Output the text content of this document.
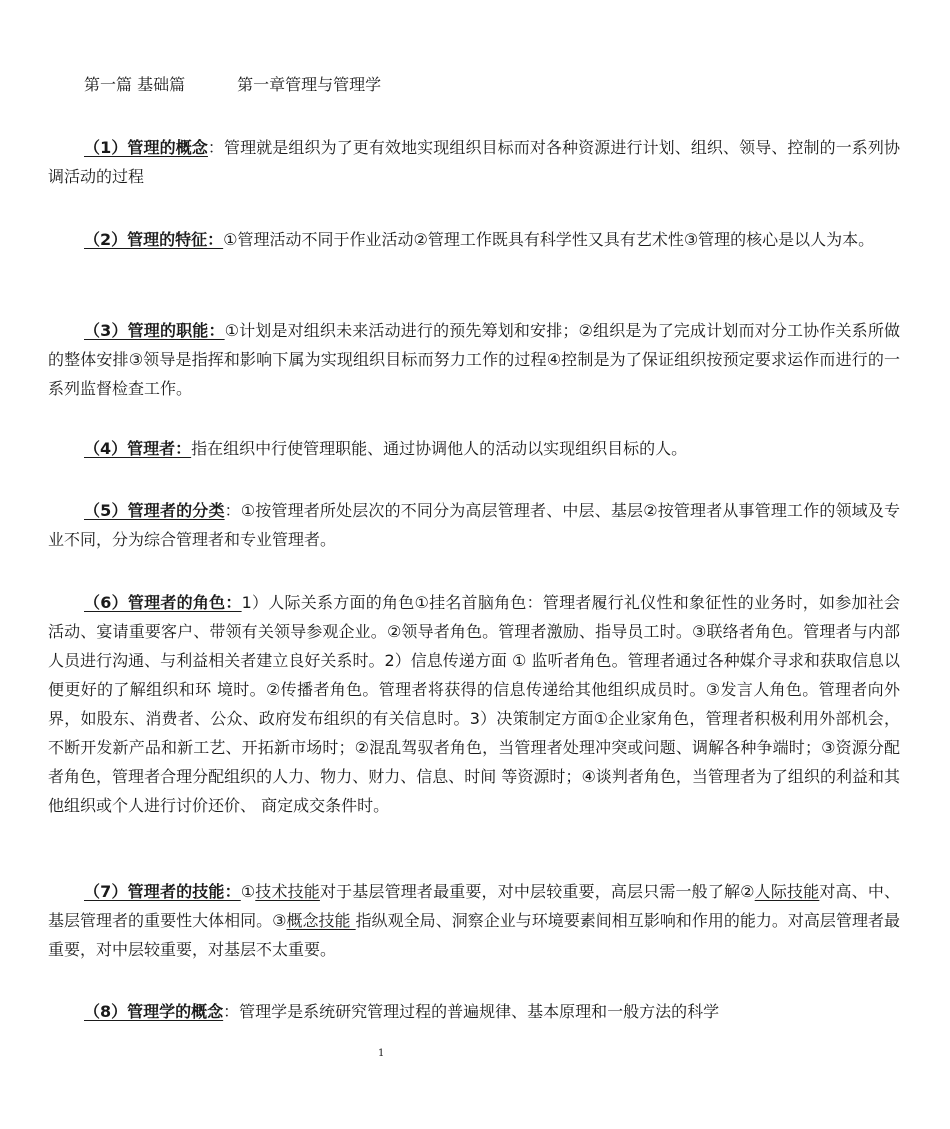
第一篇 基础篇	第一章管理与管理学

（1）管理的概念：管理就是组织为了更有效地实现组织目标而对各种资源进行计划、组织、领导、控制的一系列协调活动的过程

（2）管理的特征：①管理活动不同于作业活动②管理工作既具有科学性又具有艺术性③管理的核心是以人为本。

（3）管理的职能：①计划是对组织未来活动进行的预先筹划和安排；②组织是为了完成计划而对分工协作关系所做的整体安排③领导是指挥和影响下属为实现组织目标而努力工作的过程④控制是为了保证组织按预定要求运作而进行的一系列监督检查工作。

（4）管理者：指在组织中行使管理职能、通过协调他人的活动以实现组织目标的人。

（5）管理者的分类：①按管理者所处层次的不同分为高层管理者、中层、基层②按管理者从事管理工作的领域及专业不同，分为综合管理者和专业管理者。

（6）管理者的角色：1）人际关系方面的角色①挂名首脑角色：管理者履行礼仪性和象征性的业务时，如参加社会活动、宴请重要客户、带领有关领导参观企业。②领导者角色。管理者激励、指导员工时。③联络者角色。管理者与内部人员进行沟通、与利益相关者建立良好关系时。2）信息传递方面 ① 监听者角色。管理者通过各种媒介寻求和获取信息以便更好的了解组织和环 境时。②传播者角色。管理者将获得的信息传递给其他组织成员时。③发言人角色。管理者向外界，如股东、消费者、公众、政府发布组织的有关信息时。3）决策制定方面①企业家角色，管理者积极利用外部机会，不断开发新产品和新工艺、开拓新市场时；②混乱驾驭者角色，当管理者处理冲突或问题、调解各种争端时；③资源分配者角色，管理者合理分配组织的人力、物力、财力、信息、时间 等资源时；④谈判者角色，当管理者为了组织的利益和其他组织或个人进行讨价还价、 商定成交条件时。

（7）管理者的技能：①技术技能对于基层管理者最重要，对中层较重要，高层只需一般了解②人际技能对高、中、基层管理者的重要性大体相同。③概念技能 指纵观全局、洞察企业与环境要素间相互影响和作用的能力。对高层管理者最重要，对中层较重要，对基层不太重要。

（8）管理学的概念：管理学是系统研究管理过程的普遍规律、基本原理和一般方法的科学

1
